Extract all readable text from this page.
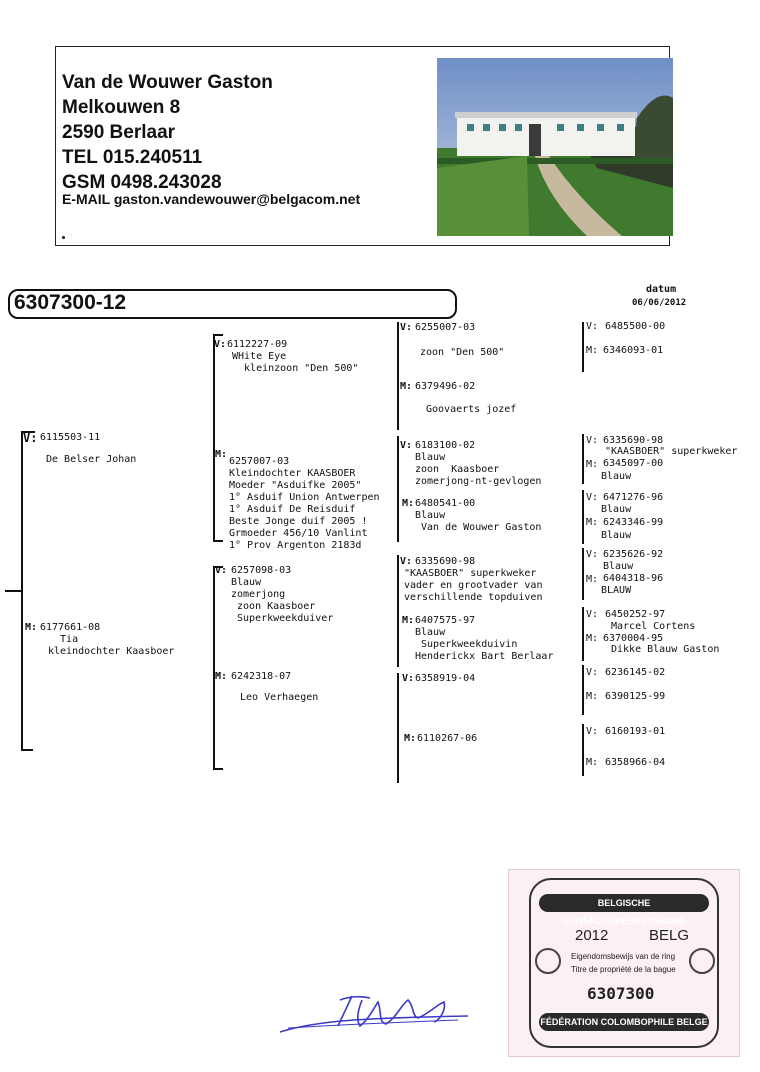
Van de Wouwer Gaston
Melkouwen 8
2590 Berlaar
TEL 015.240511
GSM 0498.243028
E-MAIL gaston.vandewouwer@belgacom.net
6307300-12
datum
06/06/2012
V: 6115503-11
De Belser Johan
M: 6177661-08
Tia
kleindochter Kaasboer
V: 6112227-09
WHite Eye
kleinzoon "Den 500"
M:
6257007-03
Kleindochter KAASBOER
Moeder "Asduifke 2005"
1° Asduif Union Antwerpen
1° Asduif De Reisduif
Beste Jonge duif 2005 !
Grmoeder 456/10 Vanlint
1° Prov Argenton 2183d
V: 6257098-03
Blauw
zomerjong
zoon Kaasboer
Superkweekduiver
M: 6242318-07
Leo Verhaegen
V: 6255007-03
zoon "Den 500"
M: 6379496-02
Goovaerts jozef
V: 6183100-02
Blauw
zoon  Kaasboer
zomerjong-nt-gevlogen
M: 6480541-00
Blauw
Van de Wouwer Gaston
V: 6335690-98
"KAASBOER" superkweker
vader en grootvader van
verschillende topduiven
M: 6407575-97
Blauw
Superkweekduivin
Henderickx Bart Berlaar
V: 6358919-04
M: 6110267-06
V: 6485500-00
M: 6346093-01
V: 6335690-98
"KAASBOER" superkweker
M: 6345097-00
Blauw
V: 6471276-96
Blauw
M: 6243346-99
Blauw
V: 6235626-92
Blauw
M: 6404318-96
BLAUW
V: 6450252-97
Marcel Cortens
M: 6370004-95
Dikke Blauw Gaston
V: 6236145-02
M: 6390125-99
V: 6160193-01
M: 6358966-04
BELGISCHE DUIVENLIEFHEBBERSBOND
2012	BELG
Eigendomsbewijs van de ring
Titre de propriété de la bague
6307300
FÉDÉRATION COLOMBOPHILE BELGE
